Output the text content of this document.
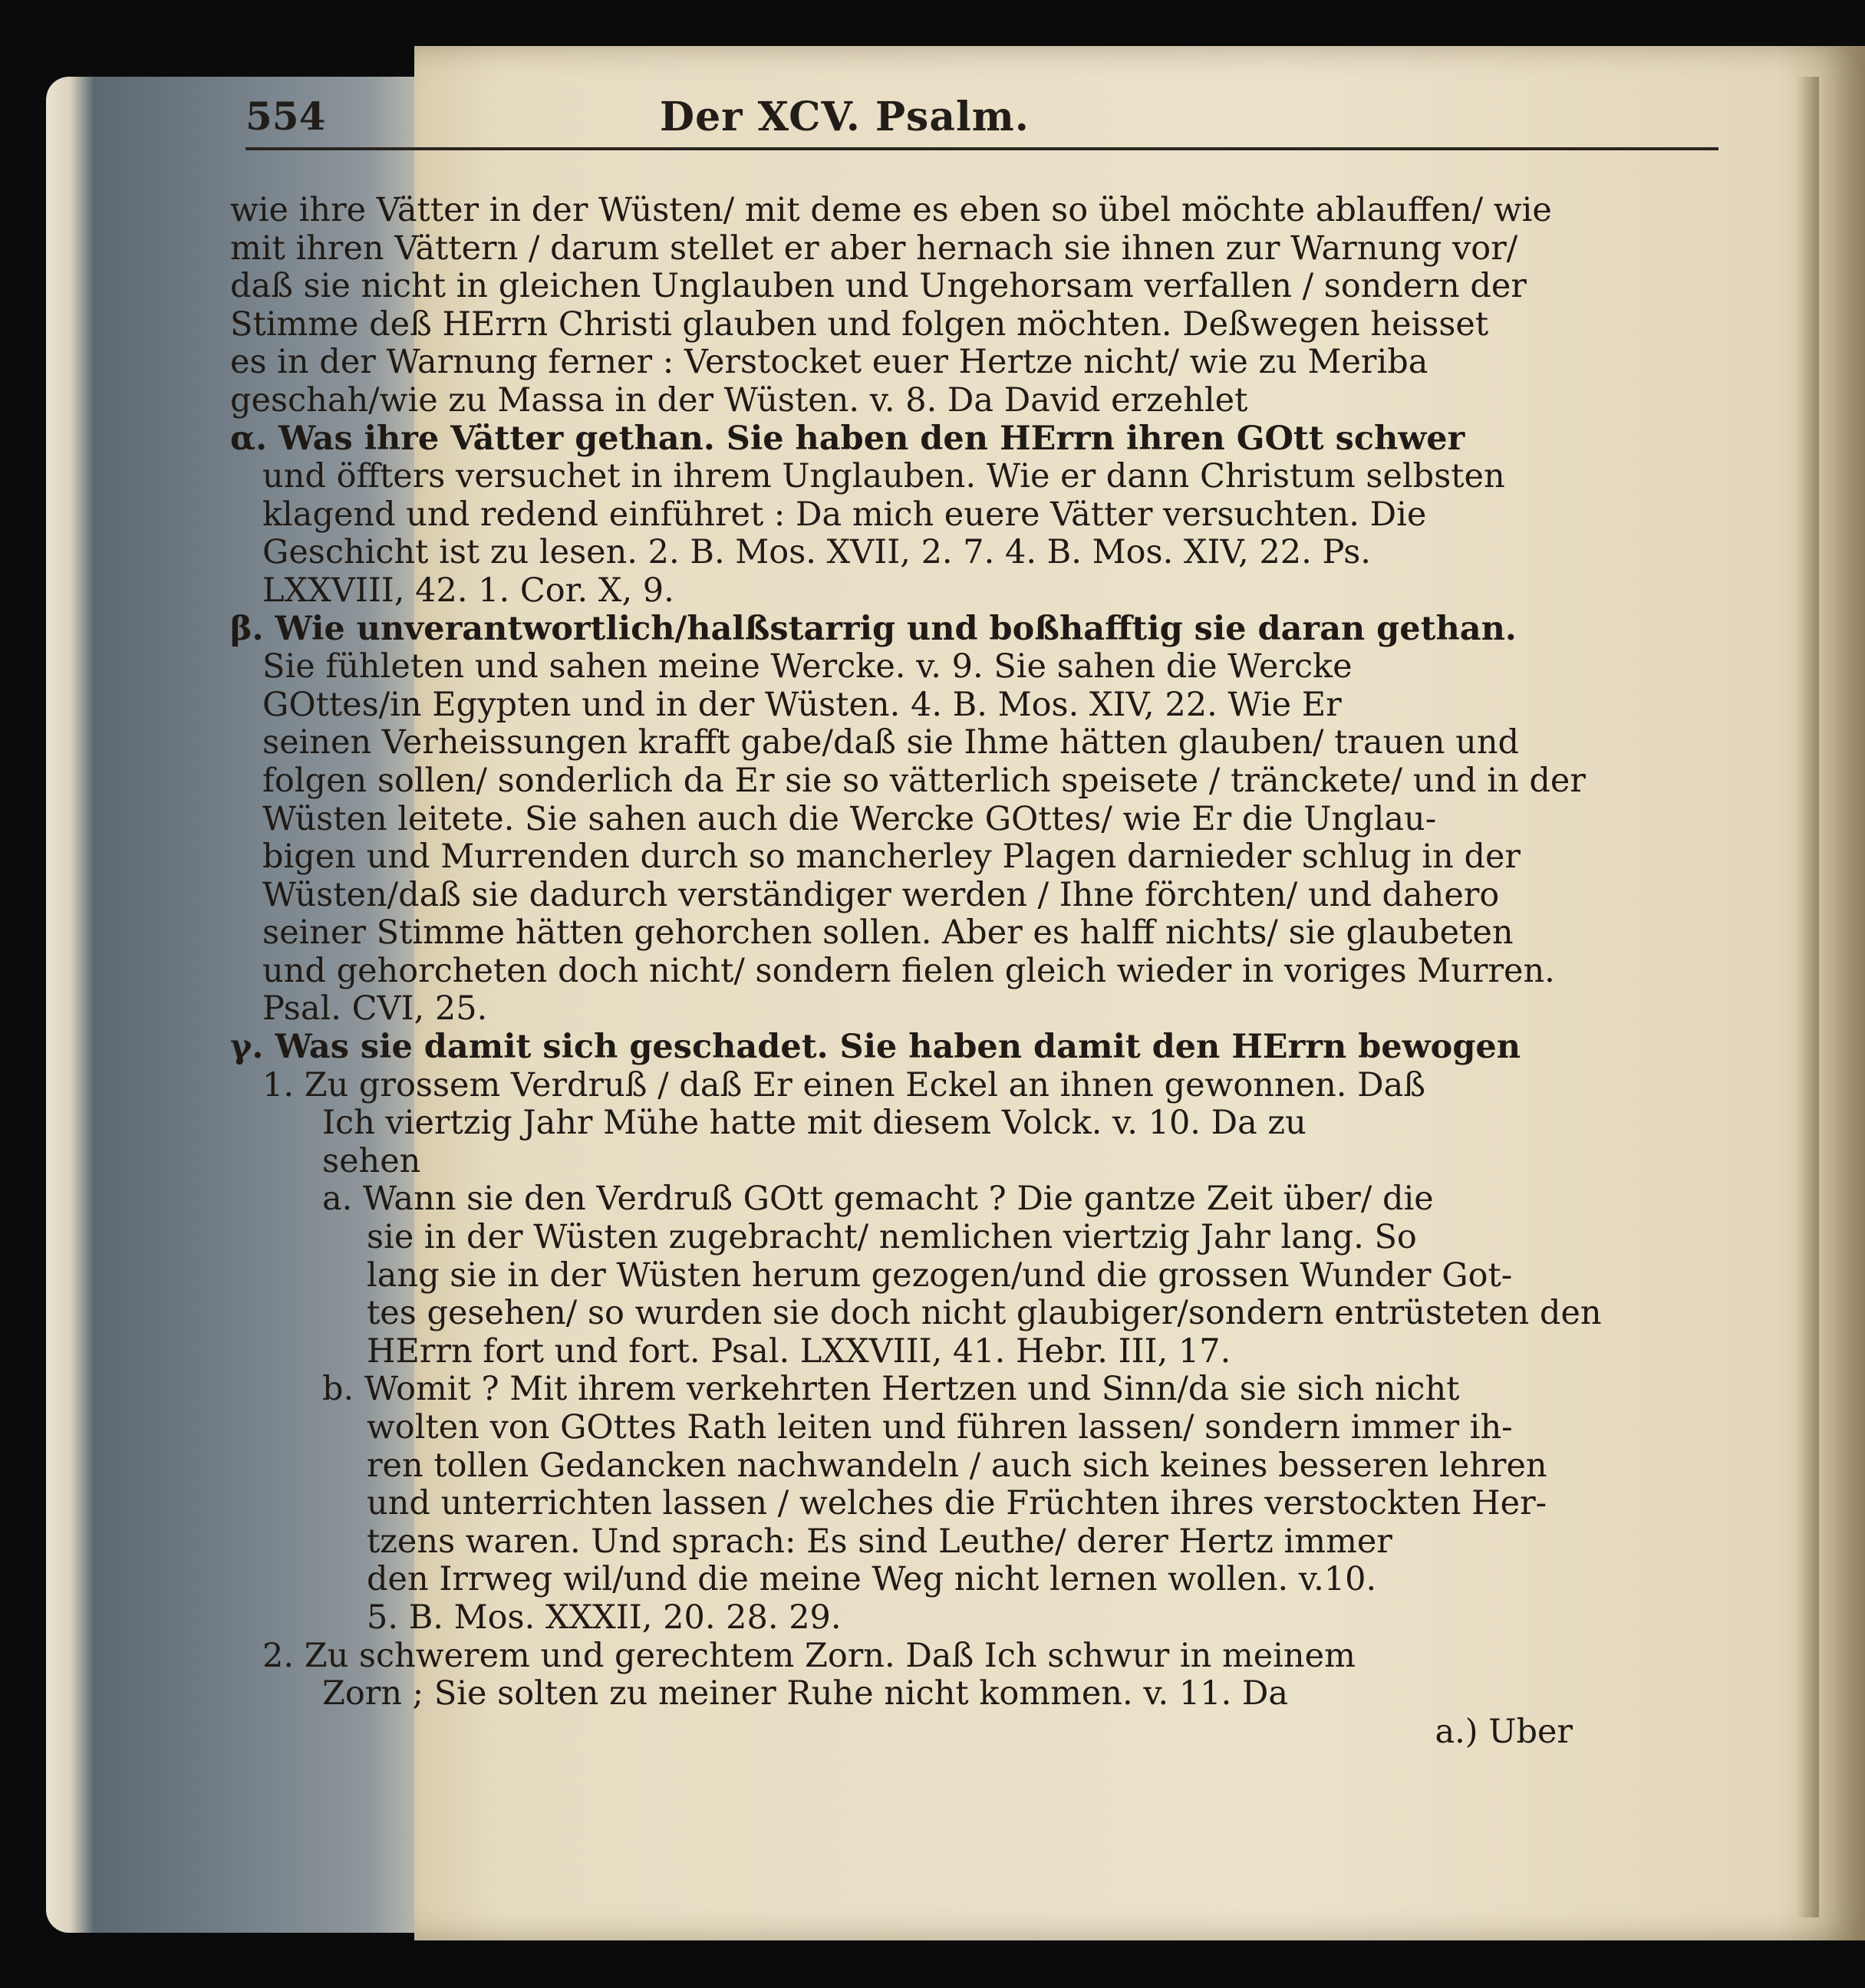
554	Der XCV. Psalm.
wie ihre Vätter in der Wüsten/ mit deme es eben so übel möchte ablauffen/ wie
mit ihren Vättern / darum stellet er aber hernach sie ihnen zur Warnung vor/
daß sie nicht in gleichen Unglauben und Ungehorsam verfallen / sondern der
Stimme deß HErrn Christi glauben und folgen möchten. Deßwegen heisset
es in der Warnung ferner : Verstocket euer Hertze nicht/ wie zu Meriba
geschah/wie zu Massa in der Wüsten. v. 8. Da David erzehlet
α. Was ihre Vätter gethan. Sie haben den HErrn ihren GOtt schwer
und öffters versuchet in ihrem Unglauben. Wie er dann Christum selbsten
klagend und redend einführet : Da mich euere Vätter versuchten. Die
Geschicht ist zu lesen. 2. B. Mos. XVII, 2. 7. 4. B. Mos. XIV, 22. Ps.
LXXVIII, 42. 1. Cor. X, 9.
β. Wie unverantwortlich/halßstarrig und boßhafftig sie daran gethan.
Sie fühleten und sahen meine Wercke. v. 9. Sie sahen die Wercke
GOttes/in Egypten und in der Wüsten. 4. B. Mos. XIV, 22. Wie Er
seinen Verheissungen krafft gabe/daß sie Ihme hätten glauben/ trauen und
folgen sollen/ sonderlich da Er sie so vätterlich speisete / tränckete/ und in der
Wüsten leitete. Sie sahen auch die Wercke GOttes/ wie Er die Unglau-
bigen und Murrenden durch so mancherley Plagen darnieder schlug in der
Wüsten/daß sie dadurch verständiger werden / Ihne förchten/ und dahero
seiner Stimme hätten gehorchen sollen. Aber es halff nichts/ sie glaubeten
und gehorcheten doch nicht/ sondern fielen gleich wieder in voriges Murren.
Psal. CVI, 25.
γ. Was sie damit sich geschadet. Sie haben damit den HErrn bewogen
1. Zu grossem Verdruß / daß Er einen Eckel an ihnen gewonnen. Daß
Ich viertzig Jahr Mühe hatte mit diesem Volck. v. 10. Da zu
sehen
a. Wann sie den Verdruß GOtt gemacht ? Die gantze Zeit über/ die
sie in der Wüsten zugebracht/ nemlichen viertzig Jahr lang. So
lang sie in der Wüsten herum gezogen/und die grossen Wunder Got-
tes gesehen/ so wurden sie doch nicht glaubiger/sondern entrüsteten den
HErrn fort und fort. Psal. LXXVIII, 41. Hebr. III, 17.
b. Womit ? Mit ihrem verkehrten Hertzen und Sinn/da sie sich nicht
wolten von GOttes Rath leiten und führen lassen/ sondern immer ih-
ren tollen Gedancken nachwandeln / auch sich keines besseren lehren
und unterrichten lassen / welches die Früchten ihres verstockten Her-
tzens waren. Und sprach: Es sind Leuthe/ derer Hertz immer
den Irrweg wil/und die meine Weg nicht lernen wollen. v.10.
5. B. Mos. XXXII, 20. 28. 29.
2. Zu schwerem und gerechtem Zorn. Daß Ich schwur in meinem
Zorn ; Sie solten zu meiner Ruhe nicht kommen. v. 11. Da
a.) Uber
